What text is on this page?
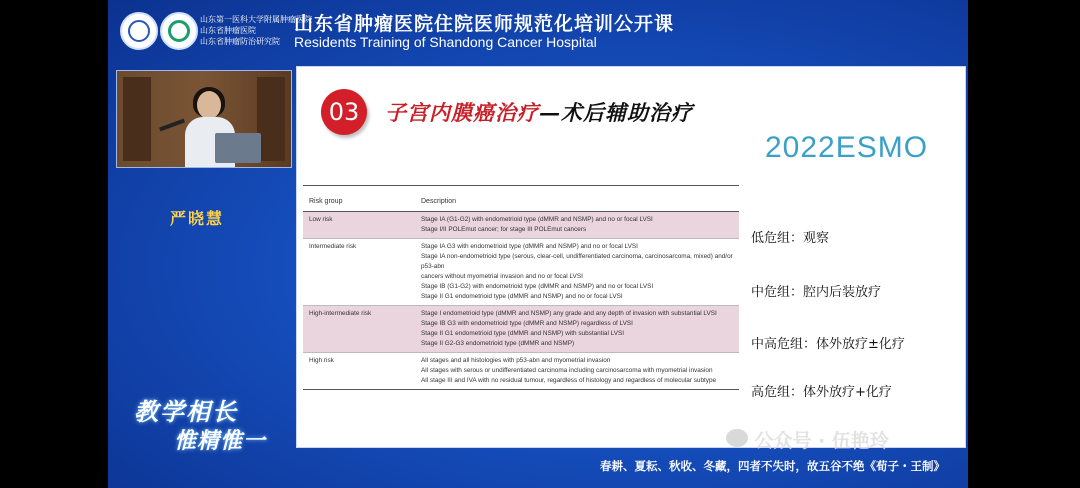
山东第一医科大学附属肿瘤医院
山东省肿瘤医院
山东省肿瘤防治研究院
山东省肿瘤医院住院医师规范化培训公开课
Residents Training of Shandong Cancer Hospital
严晓慧
教学相长
惟精惟一
03	子宫内膜癌治疗—术后辅助治疗
2022ESMO
Risk group	Description
Low risk	Stage IA (G1-G2) with endometrioid type (dMMR and NSMP) and no or focal LVSI
Stage I/II POLEmut cancer; for stage III POLEmut cancers

Intermediate risk	Stage IA G3 with endometrioid type (dMMR and NSMP) and no or focal LVSI
Stage IA non-endometrioid type (serous, clear-cell, undifferentiated carcinoma, carcinosarcoma, mixed) and/or p53-abn
cancers without myometrial invasion and no or focal LVSI
Stage IB (G1-G2) with endometrioid type (dMMR and NSMP) and no or focal LVSI
Stage II G1 endometrioid type (dMMR and NSMP) and no or focal LVSI

High-intermediate risk	Stage I endometrioid type (dMMR and NSMP) any grade and any depth of invasion with substantial LVSI
Stage IB G3 with endometrioid type (dMMR and NSMP) regardless of LVSI
Stage II G1 endometrioid type (dMMR and NSMP) with substantial LVSI
Stage II G2-G3 endometrioid type (dMMR and NSMP)

High risk	All stages and all histologies with p53-abn and myometrial invasion
All stages with serous or undifferentiated carcinoma including carcinosarcoma with myometrial invasion
All stage III and IVA with no residual tumour, regardless of histology and regardless of molecular subtype
低危组：观察
中危组：腔内后装放疗
中高危组：体外放疗±化疗
高危组：体外放疗+化疗
公众号 · 伍艳玲
春耕、夏耘、秋收、冬藏，四者不失时，故五谷不绝《荀子・王制》
